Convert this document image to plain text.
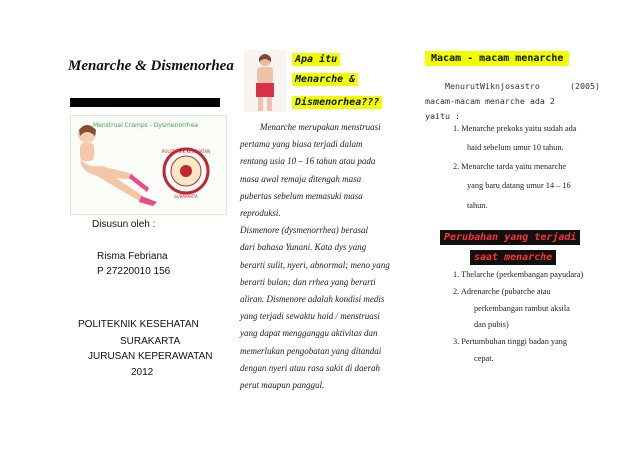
Menarche & Dismenorhea
Menstrual Cramps - Dysmenorrhea
POLITEKNIK KESEHATAN
SURAKARTA
Disusun oleh :
Risma Febriana
P 27220010 156
POLITEKNIK KESEHATAN
SURAKARTA
JURUSAN KEPERAWATAN
2012
Apa itu
Menarche &
Dismenorhea???
Menarche merupakan menstruasi
pertama yang biasa terjadi dalam
rentang usia 10 – 16 tahun atau pada
masa awal remaja ditengah masa
pubertas sebelum memasuki masa
reproduksi.
Dismenore (dysmenorrhea) berasal
dari bahasa Yunani. Kata dys yang
berarti sulit, nyeri, abnormal; meno yang
berarti bulan; dan rrhea yang berarti
aliran. Dismenore adalah kondisi medis
yang terjadi sewaktu haid / menstruasi
yang dapat mengganggu aktivitas dan
memerlukan pengobatan yang ditandai
dengan nyeri atau rasa sakit di daerah
perut maupun panggul.
Macam - macam menarche
MenurutWiknjosastro	(2005)
macam-macam menarche ada 2
yaitu :
1. Menarche prekoks yaitu sudah ada
haid sebelum umur 10 tahun.
2. Menarche tarda yaitu menarche
yang baru datang umur 14 – 16
tahun.
Perubahan yang terjadi
saat menarche
1. Thelarche (perkembangan payudara)
2. Adrenarche (pubarche atau
perkembangan rambut aksila
dan pubis)
3. Pertumbuhan tinggi badan yang
cepat.
